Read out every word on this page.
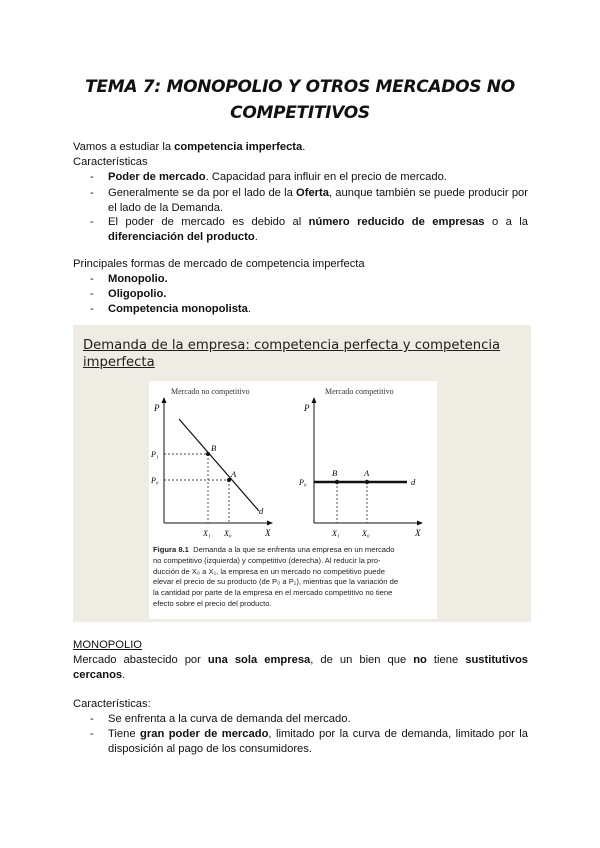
TEMA 7: MONOPOLIO Y OTROS MERCADOS NO
COMPETITIVOS
Vamos a estudiar la competencia imperfecta.
Características
- Poder de mercado. Capacidad para influir en el precio de mercado.
- Generalmente se da por el lado de la Oferta, aunque también se puede producir por
el lado de la Demanda.
- El poder de mercado es debido al número reducido de empresas o a la
diferenciación del producto.
Principales formas de mercado de competencia imperfecta
- Monopolio.
- Oligopolio.
- Competencia monopolista.
Demanda de la empresa: competencia perfecta y competencia
imperfecta
Mercado no competitivo
P
X
B
A
d
P₁
P₀
X₁ X₀
Mercado competitivo
P
X
B	A
d
P₀
X₁	X₀
Figura 8.1 Demanda a la que se enfrenta una empresa en un mercado
no competitivo (izquierda) y competitivo (derecha). Al reducir la pro-
ducción de X₀ a X₁, la empresa en un mercado no competitivo puede
elevar el precio de su producto (de P₀ a P₁), mientras que la variación de
la cantidad por parte de la empresa en el mercado competitivo no tiene
efecto sobre el precio del producto.
MONOPOLIO
Mercado abastecido por una sola empresa, de un bien que no tiene sustitutivos
cercanos.
Características:
- Se enfrenta a la curva de demanda del mercado.
- Tiene gran poder de mercado, limitado por la curva de demanda, limitado por la
disposición al pago de los consumidores.
